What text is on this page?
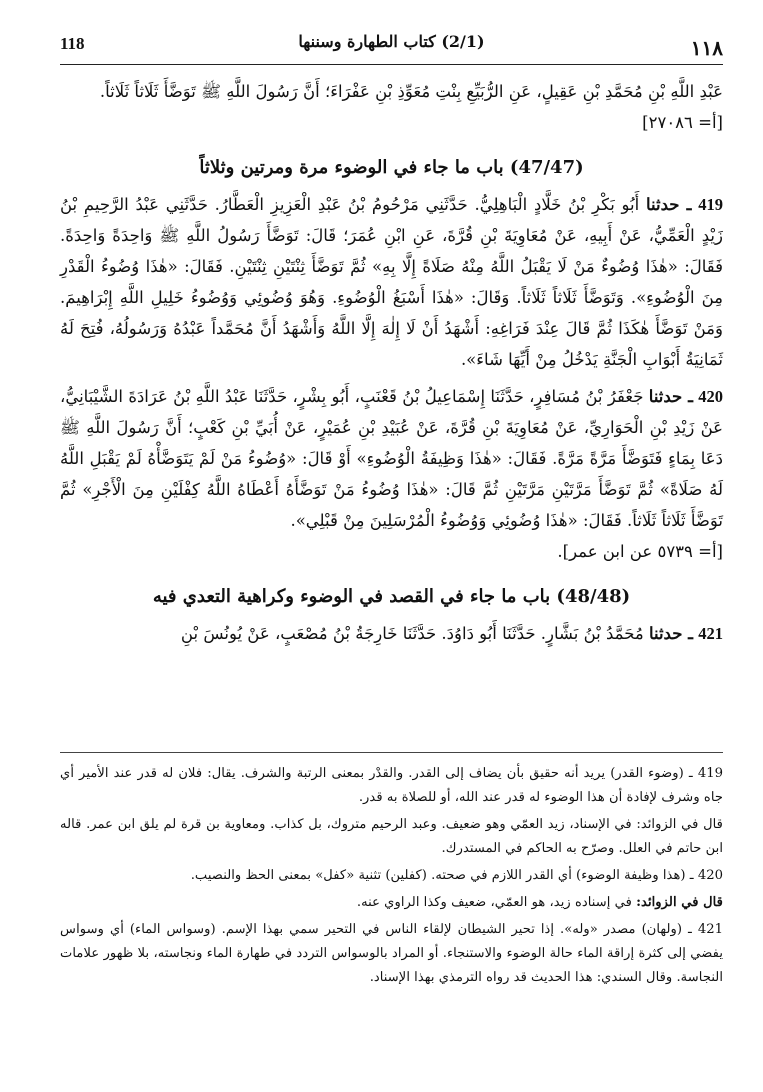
118	(2/1) كتاب الطهارة وسننها	١١٨

عَبْدِ اللَّهِ بْنِ مُحَمَّدِ بْنِ عَقِيلٍ، عَنِ الرُّبَيِّعِ بِنْتِ مُعَوِّذِ بْنِ عَفْرَاءَ؛ أَنَّ رَسُولَ اللَّهِ ﷺ تَوَضَّأَ ثَلَاثاً ثَلَاثاً.

[أ= ٢٧٠٨٦]

(47/47) باب ما جاء في الوضوء مرة ومرتين وثلاثاً

419 ـ حدثنا أَبُو بَكْرِ بْنُ خَلَّادٍ الْبَاهِلِيُّ. حَدَّثَنِي مَرْحُومُ بْنُ عَبْدِ الْعَزِيزِ الْعَطَّارُ. حَدَّثَنِي عَبْدُ الرَّحِيمِ بْنُ زَيْدٍ الْعَمِّيُّ، عَنْ أَبِيهِ، عَنْ مُعَاوِيَةَ بْنِ قُرَّةَ، عَنِ ابْنِ عُمَرَ؛ قَالَ: تَوَضَّأَ رَسُولُ اللَّهِ ﷺ وَاحِدَةً وَاحِدَةً. فَقَالَ: «هٰذَا وُضُوءٌ مَنْ لَا يَقْبَلُ اللَّهُ مِنْهُ صَلَاةً إِلَّا بِهِ» ثُمَّ تَوَضَّأَ ثِنْتَيْنِ ثِنْتَيْنِ. فَقَالَ: «هٰذَا وُضُوءُ الْقَدْرِ مِنَ الْوُضُوءِ». وَتَوَضَّأَ ثَلَاثاً ثَلَاثاً. وَقَالَ: «هٰذَا أَسْبَغُ الْوُضُوءِ. وَهُوَ وُضُوئِي وَوُضُوءُ خَلِيلِ اللَّهِ إِبْرَاهِيمَ. وَمَنْ تَوَضَّأَ هٰكَذَا ثُمَّ قَالَ عِنْدَ فَرَاغِهِ: أَشْهَدُ أَنْ لَا إِلٰهَ إِلَّا اللَّهُ وَأَشْهَدُ أَنَّ مُحَمَّداً عَبْدُهُ وَرَسُولُهُ، فُتِحَ لَهُ ثَمَانِيَةُ أَبْوَابِ الْجَنَّةِ يَدْخُلُ مِنْ أَيِّهَا شَاءَ».

420 ـ حدثنا جَعْفَرُ بْنُ مُسَافِرٍ، حَدَّثَنَا إِسْمَاعِيلُ بْنُ قَعْنَبٍ، أَبُو بِشْرٍ، حَدَّثَنَا عَبْدُ اللَّهِ بْنُ عَرَادَةَ الشَّيْبَانِيُّ، عَنْ زَيْدِ بْنِ الْحَوَارِيِّ، عَنْ مُعَاوِيَةَ بْنِ قُرَّةَ، عَنْ عُبَيْدِ بْنِ عُمَيْرٍ، عَنْ أُبَيِّ بْنِ كَعْبٍ؛ أَنَّ رَسُولَ اللَّهِ ﷺ دَعَا بِمَاءٍ فَتَوَضَّأَ مَرَّةً مَرَّةً. فَقَالَ: «هٰذَا وَظِيفَةُ الْوُضُوءِ» أَوْ قَالَ: «وُضُوءُ مَنْ لَمْ يَتَوَضَّأْهُ لَمْ يَقْبَلِ اللَّهُ لَهُ صَلَاةً» ثُمَّ تَوَضَّأَ مَرَّتَيْنِ مَرَّتَيْنِ ثُمَّ قَالَ: «هٰذَا وُضُوءُ مَنْ تَوَضَّأَهُ أَعْطَاهُ اللَّهُ كِفْلَيْنِ مِنَ الْأَجْرِ» ثُمَّ تَوَضَّأَ ثَلَاثاً ثَلَاثاً. فَقَالَ: «هٰذَا وُضُوئِي وَوُضُوءُ الْمُرْسَلِينَ مِنْ قَبْلِي».

[أ= ٥٧٣٩ عن ابن عمر].

(48/48) باب ما جاء في القصد في الوضوء وكراهية التعدي فيه

421 ـ حدثنا مُحَمَّدُ بْنُ بَشَّارٍ. حَدَّثَنَا أَبُو دَاوُدَ. حَدَّثَنَا خَارِجَةُ بْنُ مُصْعَبٍ، عَنْ يُونُسَ بْنِ

419 ـ (وضوء القدر) يريد أنه حقيق بأن يضاف إلى القدر. والقدْر بمعنى الرتبة والشرف. يقال: فلان له قدر عند الأمير أي جاه وشرف لإفادة أن هذا الوضوء له قدر عند الله، أو للصلاة به قدر.

قال في الزوائد: في الإسناد، زيد العمّي وهو ضعيف. وعبد الرحيم متروك، بل كذاب. ومعاوية بن قرة لم يلق ابن عمر. قاله ابن حاتم في العلل. وصرّح به الحاكم في المستدرك.

420 ـ (هذا وظيفة الوضوء) أي القدر اللازم في صحته. (كفلين) تثنية «كفل» بمعنى الحظ والنصيب.

قال في الزوائد: في إسناده زيد، هو العمّي، ضعيف وكذا الراوي عنه.

421 ـ (ولهان) مصدر «وله». إذا تحير الشيطان لإلقاء الناس في التحير سمي بهذا الإسم. (وسواس الماء) أي وسواس يفضي إلى كثرة إراقة الماء حالة الوضوء والاستنجاء. أو المراد بالوسواس التردد في طهارة الماء ونجاسته، بلا ظهور علامات النجاسة. وقال السندي: هذا الحديث قد رواه الترمذي بهذا الإسناد.
